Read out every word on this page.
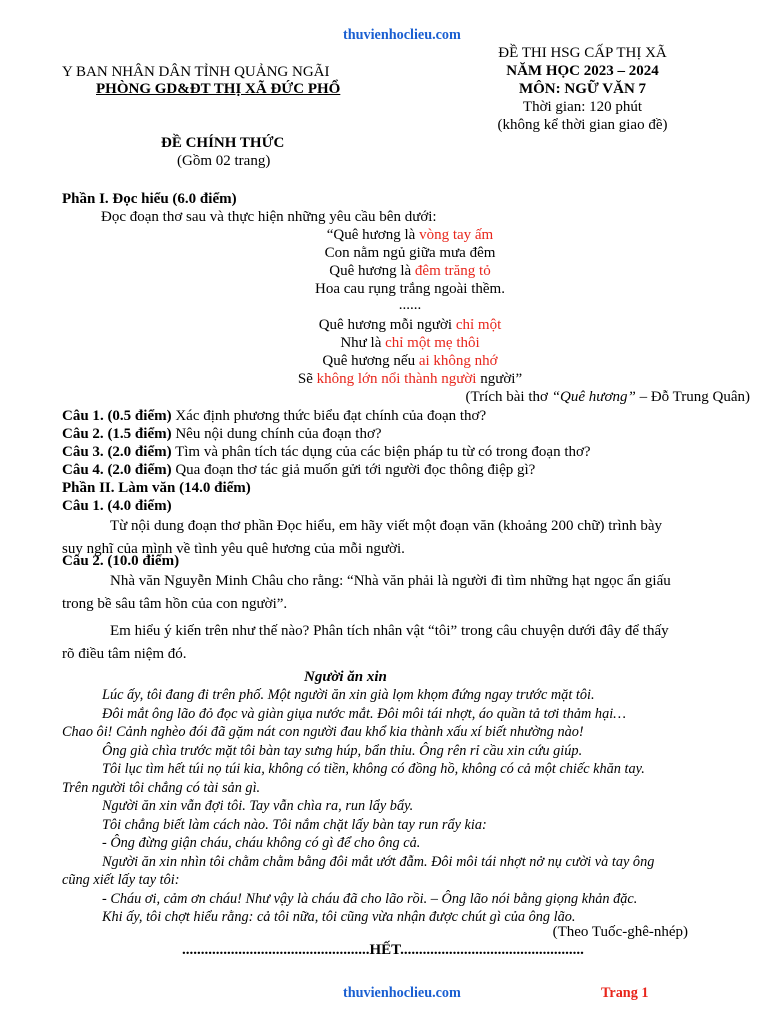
thuvienhoclieu.com
Y BAN NHÂN DÂN TỈNH QUẢNG NGÃI
PHÒNG GD&ĐT THỊ XÃ ĐỨC PHỔ
ĐỀ CHÍNH THỨC
(Gồm 02 trang)
ĐỀ THI HSG CẤP THỊ XÃ
NĂM HỌC 2023 – 2024
MÔN: NGỮ VĂN 7
Thời gian: 120 phút
(không kể thời gian giao đề)
Phần I. Đọc hiểu (6.0 điểm)
Đọc đoạn thơ sau và thực hiện những yêu cầu bên dưới:
“Quê hương là vòng tay ấm
Con nằm ngủ giữa mưa đêm
Quê hương là đêm trăng tỏ
Hoa cau rụng trắng ngoài thềm.
......
Quê hương mỗi người chỉ một
Như là chỉ một mẹ thôi
Quê hương nếu ai không nhớ
Sẽ không lớn nổi thành người người”
(Trích bài thơ “Quê hương” – Đỗ Trung Quân)
Câu 1. (0.5 điểm) Xác định phương thức biểu đạt chính của đoạn thơ?
Câu 2. (1.5 điểm) Nêu nội dung chính của đoạn thơ?
Câu 3. (2.0 điểm) Tìm và phân tích tác dụng của các biện pháp tu từ có trong đoạn thơ?
Câu 4. (2.0 điểm) Qua đoạn thơ tác giả muốn gửi tới người đọc thông điệp gì?
Phần II. Làm văn (14.0 điểm)
Câu 1. (4.0 điểm)
Từ nội dung đoạn thơ phần Đọc hiểu, em hãy viết một đoạn văn (khoảng 200 chữ) trình bày
suy nghĩ của mình về tình yêu quê hương của mỗi người.
Câu 2. (10.0 điểm)
Nhà văn Nguyễn Minh Châu cho rằng: “Nhà văn phải là người đi tìm những hạt ngọc ẩn giấu
trong bề sâu tâm hồn của con người”.
Em hiểu ý kiến trên như thế nào? Phân tích nhân vật “tôi” trong câu chuyện dưới đây để thấy
rõ điều tâm niệm đó.
Người ăn xin
Lúc ấy, tôi đang đi trên phố. Một người ăn xin già lọm khọm đứng ngay trước mặt tôi.
Đôi mắt ông lão đỏ đọc và giàn giụa nước mắt. Đôi môi tái nhợt, áo quần tả tơi thảm hại…
Chao ôi! Cảnh nghèo đói đã gặm nát con người đau khổ kia thành xấu xí biết nhường nào!
Ông già chìa trước mặt tôi bàn tay sưng húp, bẩn thỉu. Ông rên rỉ cầu xin cứu giúp.
Tôi lục tìm hết túi nọ túi kia, không có tiền, không có đồng hồ, không có cả một chiếc khăn tay.
Trên người tôi chẳng có tài sản gì.
Người ăn xin vẫn đợi tôi. Tay vẫn chìa ra, run lẩy bẩy.
Tôi chẳng biết làm cách nào. Tôi nắm chặt lấy bàn tay run rẩy kia:
- Ông đừng giận cháu, cháu không có gì để cho ông cả.
Người ăn xin nhìn tôi chằm chằm bằng đôi mắt ướt đẫm. Đôi môi tái nhợt nở nụ cười và tay ông
cũng xiết lấy tay tôi:
- Cháu ơi, cảm ơn cháu! Như vậy là cháu đã cho lão rồi. – Ông lão nói bằng giọng khản đặc.
Khi ấy, tôi chợt hiểu rằng: cả tôi nữa, tôi cũng vừa nhận được chút gì của ông lão.
(Theo Tuốc-ghê-nhép)
..................................................HẾT.................................................
thuvienhoclieu.com	Trang 1
